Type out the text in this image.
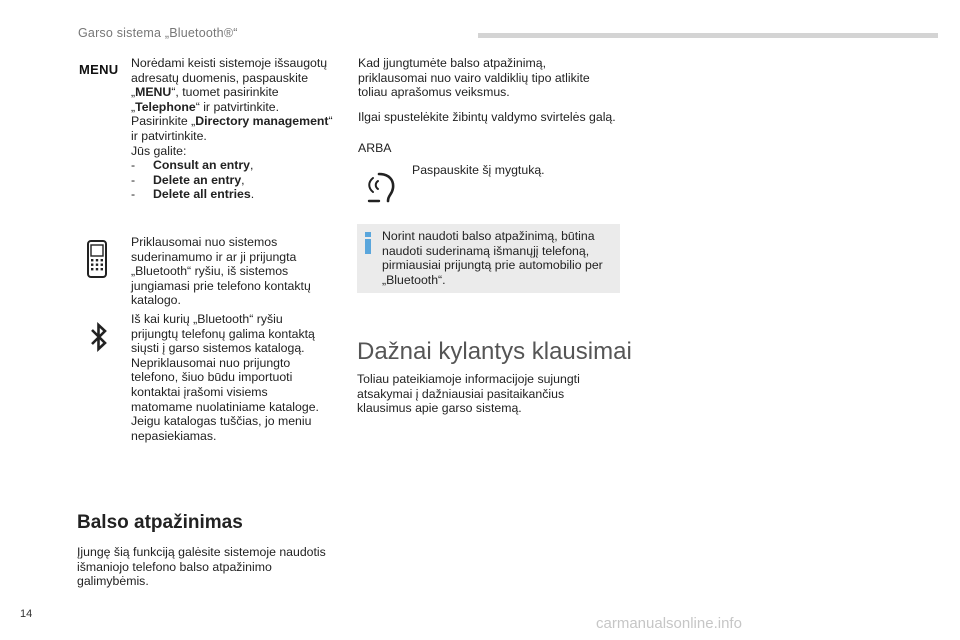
Garso sistema „Bluetooth®“
MENU Norėdami keisti sistemoje išsaugotų adresatų duomenis, paspauskite „MENU“, tuomet pasirinkite „Telephone“ ir patvirtinkite. Pasirinkite „Directory management“ ir patvirtinkite.
Jūs galite:
- Consult an entry,
- Delete an entry,
- Delete all entries.
Priklausomai nuo sistemos suderinamumo ir ar ji prijungta „Bluetooth“ ryšiu, iš sistemos jungiamasi prie telefono kontaktų katalogo.
Iš kai kurių „Bluetooth“ ryšiu prijungtų telefonų galima kontaktą siųsti į garso sistemos katalogą. Nepriklausomai nuo prijungto telefono, šiuo būdu importuoti kontaktai įrašomi visiems matomame nuolatiniame kataloge. Jeigu katalogas tuščias, jo meniu nepasiekiamas.
Balso atpažinimas
Įjungę šią funkciją galėsite sistemoje naudotis išmaniojo telefono balso atpažinimo galimybėmis.
Kad įjungtumėte balso atpažinimą, priklausomai nuo vairo valdiklių tipo atlikite toliau aprašomus veiksmus.
Ilgai spustelėkite žibintų valdymo svirtelės galą.
ARBA
Paspauskite šį mygtuką.
Norint naudoti balso atpažinimą, būtina naudoti suderinamą išmanųjį telefoną, pirmiausiai prijungtą prie automobilio per „Bluetooth“.
Dažnai kylantys klausimai
Toliau pateikiamoje informacijoje sujungti atsakymai į dažniausiai pasitaikančius klausimus apie garso sistemą.
14
carmanualsonline.info
